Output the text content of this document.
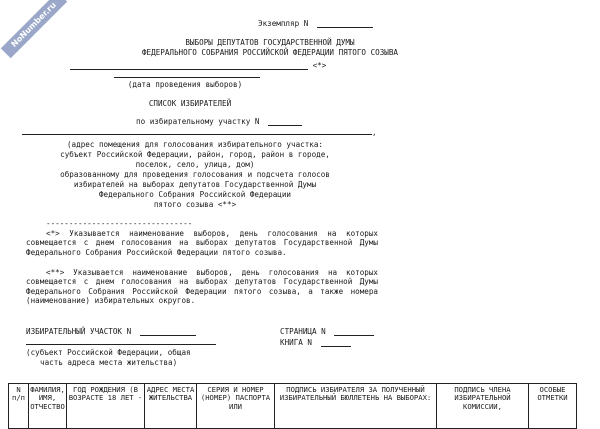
NoNumber.ru	Экземпляр N
ВЫБОРЫ ДЕПУТАТОВ ГОСУДАРСТВЕННОЙ ДУМЫ
ФЕДЕРАЛЬНОГО СОБРАНИЯ РОССИЙСКОЙ ФЕДЕРАЦИИ ПЯТОГО СОЗЫВА
<*>
(дата проведения выборов)
СПИСОК ИЗБИРАТЕЛЕЙ
по избирательному участку N
,
(адрес помещения для голосования избирательного участка:
субъект Российской Федерации, район, город, район в городе,
поселок, село, улица, дом)
образованному для проведения голосования и подсчета голосов
избирателей на выборах депутатов Государственной Думы
Федерального Собрания Российской Федерации
пятого созыва <**>
--------------------------------
<*> Указывается наименование выборов, день голосования на которых совмещается с днем голосования на выборах депутатов Государственной Думы Федерального Собрания Российской Федерации пятого созыва.
<**> Указывается наименование выборов, день голосования на которых совмещается с днем голосования на выборах депутатов Государственной Думы Федерального Собрания Российской Федерации пятого созыва, а также номера (наименование) избирательных округов.
ИЗБИРАТЕЛЬНЫЙ УЧАСТОК N	СТРАНИЦА N
КНИГА N
(субъект Российской Федерации, общая
часть адреса места жительства)
N п/п	ФАМИЛИЯ, ИМЯ, ОТЧЕСТВО	ГОД РОЖДЕНИЯ (В ВОЗРАСТЕ 18 ЛЕТ -	АДРЕС МЕСТА ЖИТЕЛЬСТВА	СЕРИЯ И НОМЕР (НОМЕР) ПАСПОРТА ИЛИ	ПОДПИСЬ ИЗБИРАТЕЛЯ ЗА ПОЛУЧЕННЫЙ ИЗБИРАТЕЛЬНЫЙ БЮЛЛЕТЕНЬ НА ВЫБОРАХ:	ПОДПИСЬ ЧЛЕНА ИЗБИРАТЕЛЬНОЙ КОМИССИИ,	ОСОБЫЕ ОТМЕТКИ
